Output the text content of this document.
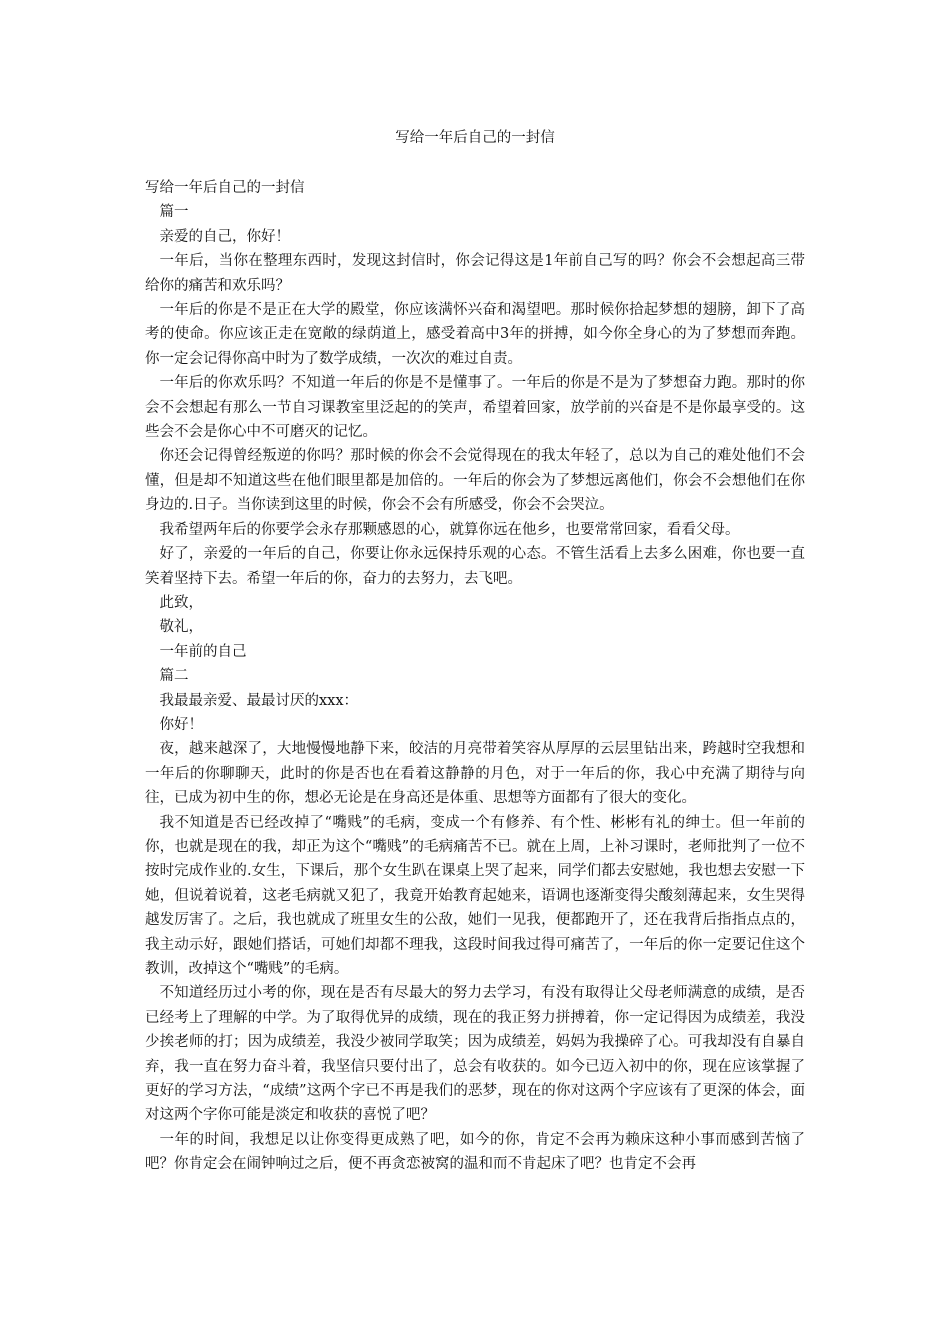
写给一年后自己的一封信

写给一年后自己的一封信

篇一

亲爱的自己，你好！

一年后，当你在整理东西时，发现这封信时，你会记得这是1年前自己写的吗？你会不会想起高三带给你的痛苦和欢乐吗？

一年后的你是不是正在大学的殿堂，你应该满怀兴奋和渴望吧。那时候你拾起梦想的翅膀，卸下了高考的使命。你应该正走在宽敞的绿荫道上，感受着高中3年的拼搏，如今你全身心的为了梦想而奔跑。你一定会记得你高中时为了数学成绩，一次次的难过自责。

一年后的你欢乐吗？不知道一年后的你是不是懂事了。一年后的你是不是为了梦想奋力跑。那时的你会不会想起有那么一节自习课教室里泛起的的笑声，希望着回家，放学前的兴奋是不是你最享受的。这些会不会是你心中不可磨灭的记忆。

你还会记得曾经叛逆的你吗？那时候的你会不会觉得现在的我太年轻了，总以为自己的难处他们不会懂，但是却不知道这些在他们眼里都是加倍的。一年后的你会为了梦想远离他们，你会不会想他们在你身边的.日子。当你读到这里的时候，你会不会有所感受，你会不会哭泣。

我希望两年后的你要学会永存那颗感恩的心，就算你远在他乡，也要常常回家，看看父母。

好了，亲爱的一年后的自己，你要让你永远保持乐观的心态。不管生活看上去多么困难，你也要一直笑着坚持下去。希望一年后的你，奋力的去努力，去飞吧。

此致，

敬礼，

一年前的自己

篇二

我最最亲爱、最最讨厌的xxx：

你好！

夜，越来越深了，大地慢慢地静下来，皎洁的月亮带着笑容从厚厚的云层里钻出来，跨越时空我想和一年后的你聊聊天，此时的你是否也在看着这静静的月色，对于一年后的你，我心中充满了期待与向往，已成为初中生的你，想必无论是在身高还是体重、思想等方面都有了很大的变化。

我不知道是否已经改掉了“嘴贱”的毛病，变成一个有修养、有个性、彬彬有礼的绅士。但一年前的你，也就是现在的我，却正为这个“嘴贱”的毛病痛苦不已。就在上周，上补习课时，老师批判了一位不按时完成作业的.女生，下课后，那个女生趴在课桌上哭了起来，同学们都去安慰她，我也想去安慰一下她，但说着说着，这老毛病就又犯了，我竟开始教育起她来，语调也逐渐变得尖酸刻薄起来，女生哭得越发厉害了。之后，我也就成了班里女生的公敌，她们一见我，便都跑开了，还在我背后指指点点的，我主动示好，跟她们搭话，可她们却都不理我，这段时间我过得可痛苦了，一年后的你一定要记住这个教训，改掉这个“嘴贱”的毛病。

不知道经历过小考的你，现在是否有尽最大的努力去学习，有没有取得让父母老师满意的成绩，是否已经考上了理解的中学。为了取得优异的成绩，现在的我正努力拼搏着，你一定记得因为成绩差，我没少挨老师的打；因为成绩差，我没少被同学取笑；因为成绩差，妈妈为我操碎了心。可我却没有自暴自弃，我一直在努力奋斗着，我坚信只要付出了，总会有收获的。如今已迈入初中的你，现在应该掌握了更好的学习方法，“成绩”这两个字已不再是我们的恶梦，现在的你对这两个字应该有了更深的体会，面对这两个字你可能是淡定和收获的喜悦了吧？

一年的时间，我想足以让你变得更成熟了吧，如今的你，肯定不会再为赖床这种小事而感到苦恼了吧？你肯定会在闹钟响过之后，便不再贪恋被窝的温和而不肯起床了吧？也肯定不会再
